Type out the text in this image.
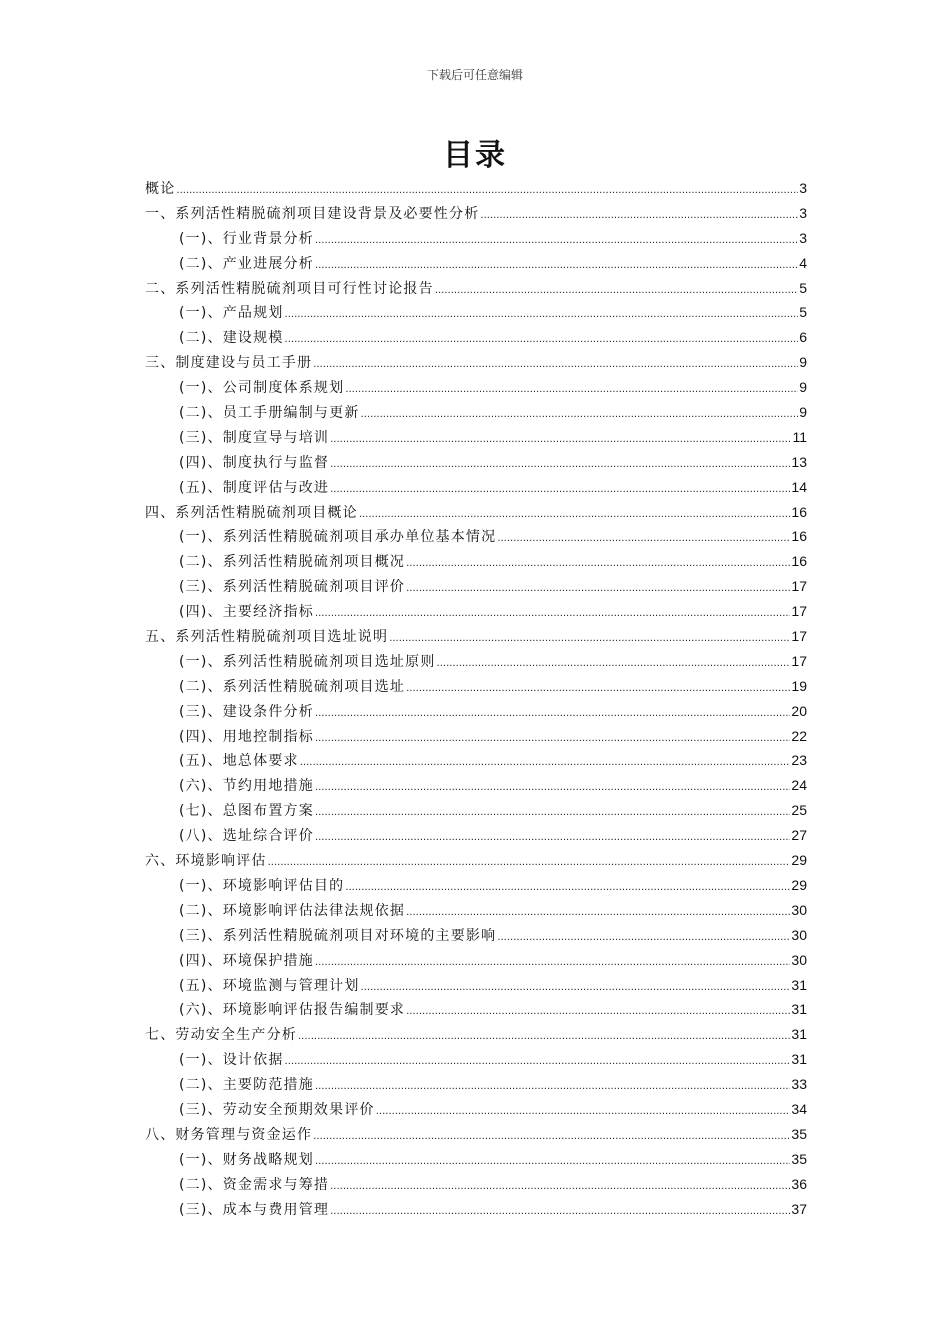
下载后可任意编辑
目录
概论 .....	3
一、系列活性精脱硫剂项目建设背景及必要性分析 .....	3
(一)、行业背景分析 .....	3
(二)、产业进展分析 .....	4
二、系列活性精脱硫剂项目可行性讨论报告 .....	5
(一)、产品规划 .....	5
(二)、建设规模 .....	6
三、制度建设与员工手册 .....	9
(一)、公司制度体系规划 .....	9
(二)、员工手册编制与更新 .....	9
(三)、制度宣导与培训 .....	11
(四)、制度执行与监督 .....	13
(五)、制度评估与改进 .....	14
四、系列活性精脱硫剂项目概论 .....	16
(一)、系列活性精脱硫剂项目承办单位基本情况 .....	16
(二)、系列活性精脱硫剂项目概况 .....	16
(三)、系列活性精脱硫剂项目评价 .....	17
(四)、主要经济指标 .....	17
五、系列活性精脱硫剂项目选址说明 .....	17
(一)、系列活性精脱硫剂项目选址原则 .....	17
(二)、系列活性精脱硫剂项目选址 .....	19
(三)、建设条件分析 .....	20
(四)、用地控制指标 .....	22
(五)、地总体要求 .....	23
(六)、节约用地措施 .....	24
(七)、总图布置方案 .....	25
(八)、选址综合评价 .....	27
六、环境影响评估 .....	29
(一)、环境影响评估目的 .....	29
(二)、环境影响评估法律法规依据 .....	30
(三)、系列活性精脱硫剂项目对环境的主要影响 .....	30
(四)、环境保护措施 .....	30
(五)、环境监测与管理计划 .....	31
(六)、环境影响评估报告编制要求 .....	31
七、劳动安全生产分析 .....	31
(一)、设计依据 .....	31
(二)、主要防范措施 .....	33
(三)、劳动安全预期效果评价 .....	34
八、财务管理与资金运作 .....	35
(一)、财务战略规划 .....	35
(二)、资金需求与筹措 .....	36
(三)、成本与费用管理 .....	37
